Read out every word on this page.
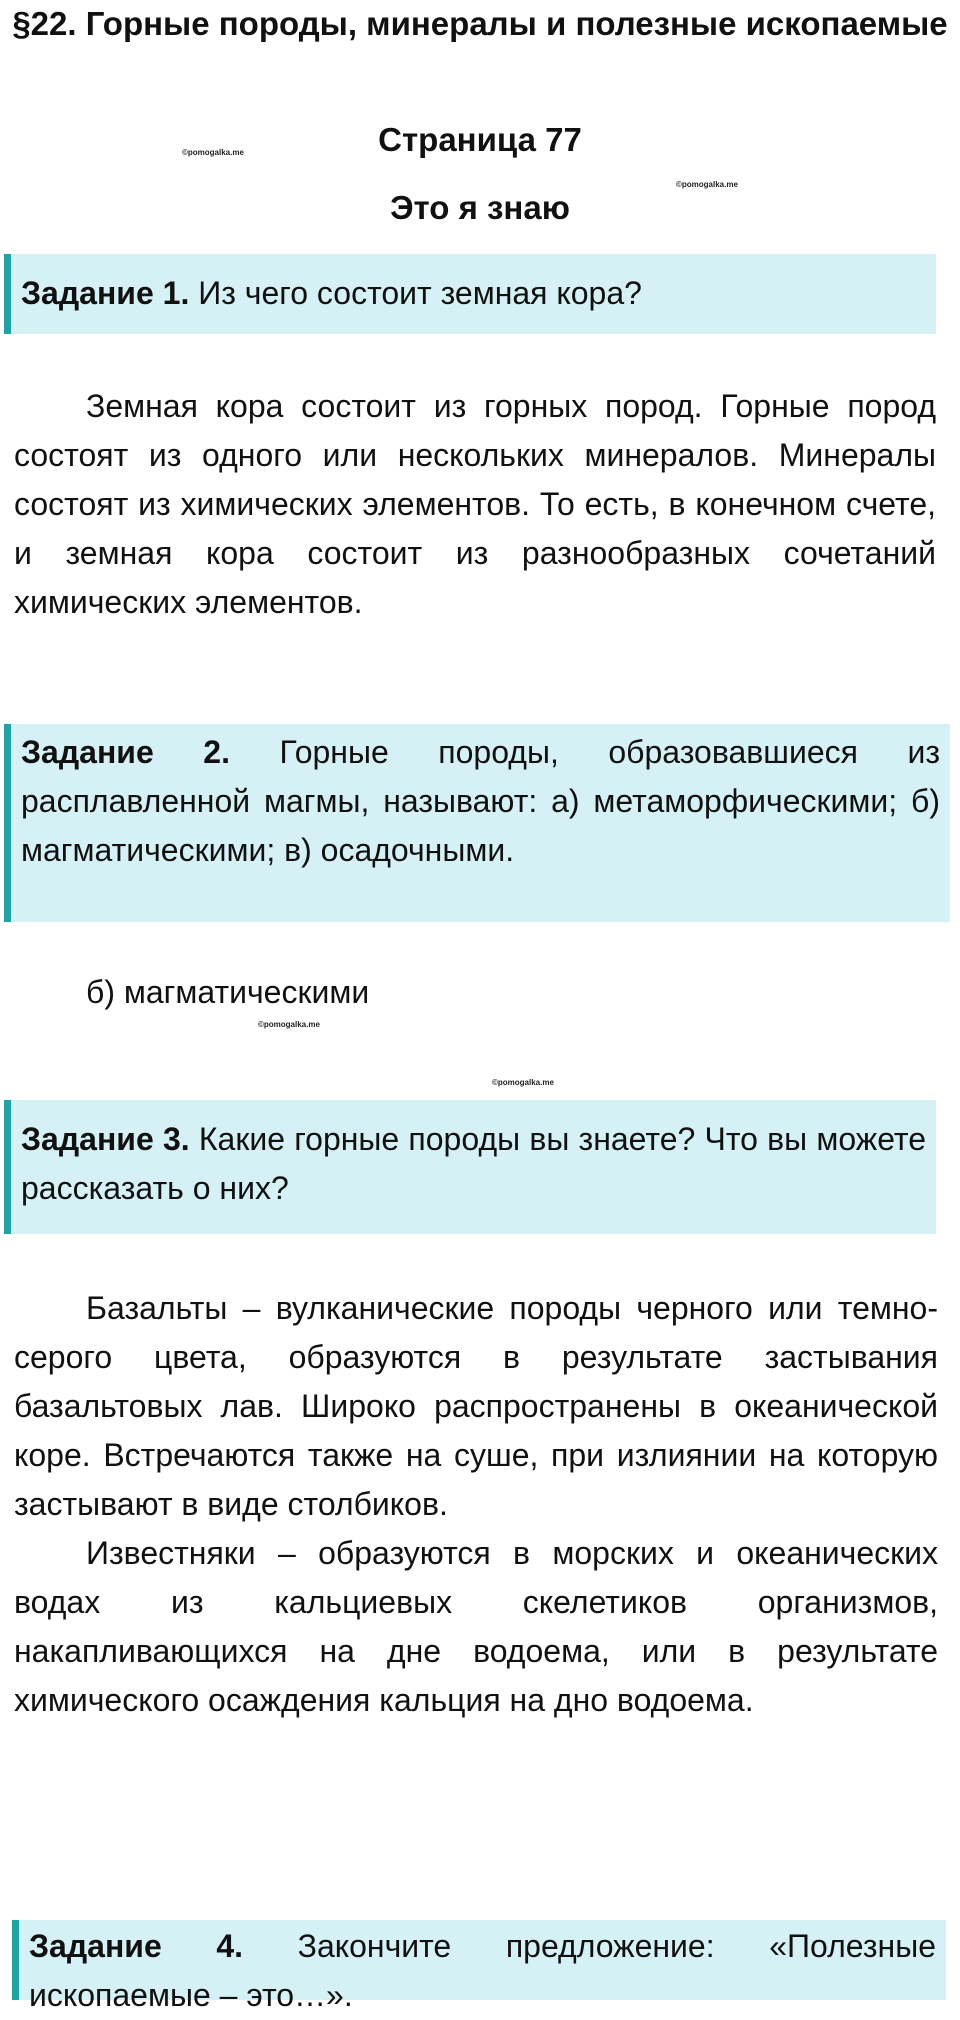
§22. Горные породы, минералы и полезные ископаемые
Страница 77
Это я знаю
©pomogalka.me
©pomogalka.me
©pomogalka.me
©pomogalka.me
Задание 1. Из чего состоит земная кора?
Земная кора состоит из горных пород. Горные пород состоят из одного или нескольких минералов. Минералы состоят из химических элементов. То есть, в конечном счете, и земная кора состоит из разнообразных сочетаний химических элементов.
Задание 2. Горные породы, образовавшиеся из расплавленной магмы, называют: а) метаморфическими; б) магматическими; в) осадочными.
б) магматическими
Задание 3. Какие горные породы вы знаете? Что вы можете рассказать о них?
Базальты – вулканические породы черного или темно-серого цвета, образуются в результате застывания базальтовых лав. Широко распространены в океанической коре. Встречаются также на суше, при излиянии на которую застывают в виде столбиков.
Известняки – образуются в морских и океанических водах из кальциевых скелетиков организмов, накапливающихся на дне водоема, или в результате химического осаждения кальция на дно водоема.
Задание 4. Закончите предложение: «Полезные ископаемые – это…».
